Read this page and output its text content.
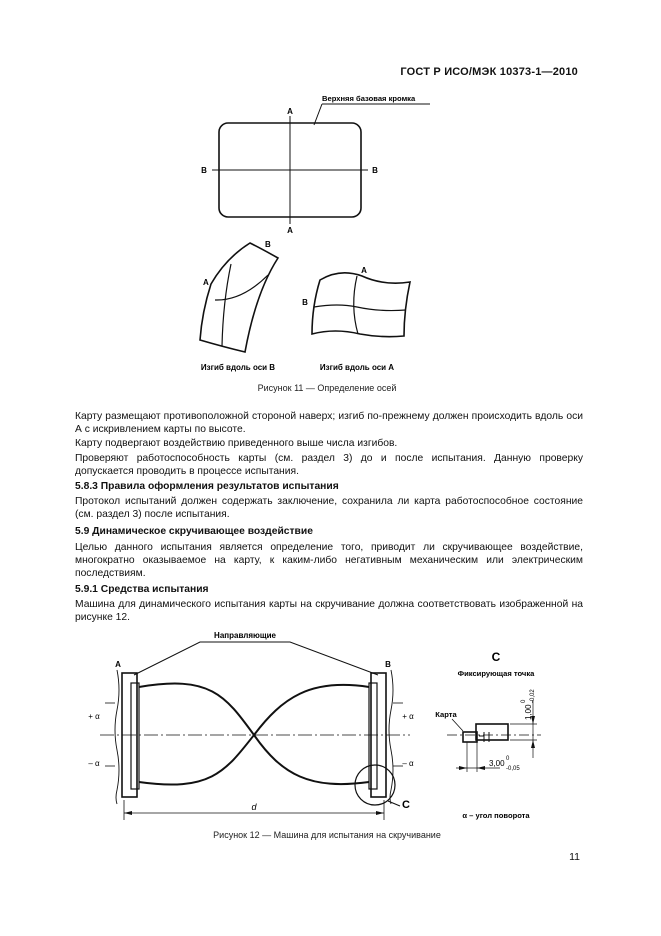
ГОСТ Р ИСО/МЭК 10373-1—2010
A
A
B	B
Верхняя базовая кромка
B
A
A
B
Изгиб вдоль оси В	Изгиб вдоль оси А
Рисунок 11 — Определение осей

Карту размещают противоположной стороной наверх; изгиб по-прежнему должен происходить вдоль оси А с искривлением карты по высоте.

Карту подвергают воздействию приведенного выше числа изгибов.

Проверяют работоспособность карты (см. раздел 3) до и после испытания. Данную проверку допускается проводить в процессе испытания.

5.8.3 Правила оформления результатов испытания

Протокол испытаний должен содержать заключение, сохранила ли карта работоспособное состояние (см. раздел 3) после испытания.

5.9 Динамическое скручивающее воздействие

Целью данного испытания является определение того, приводит ли скручивающее воздействие, многократно оказываемое на карту, к каким-либо негативным механическим или электрическим последствиям.

5.9.1 Средства испытания

Машина для динамического испытания карты на скручивание должна соответствовать изображенной на рисунке 12.

Направляющие
A	B
+ α
– α
+ α
– α
d	C
C
Фиксирующая точка
Карта	1,00
0 -0,02
3,00 0
-0,05
α – угол поворота
Рисунок 12 — Машина для испытания на скручивание
11
